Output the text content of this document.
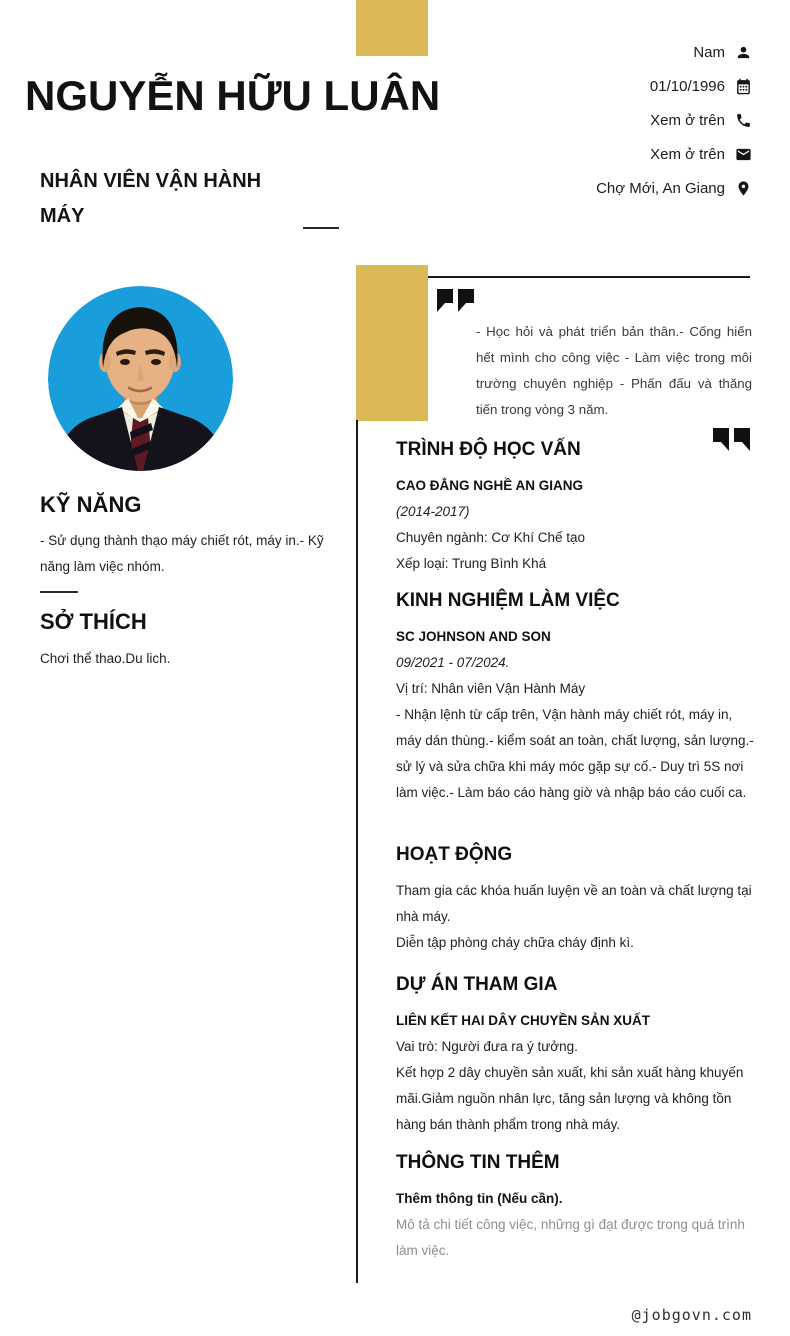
NGUYỄN HỮU LUÂN
NHÂN VIÊN VẬN HÀNH MÁY
Nam
01/10/1996
Xem ở trên
Xem ở trên
Chợ Mới, An Giang
KỸ NĂNG
- Sử dụng thành thạo máy chiết rót, máy in.- Kỹ năng làm việc nhóm.
SỞ THÍCH
Chơi thể thao.Du lich.
- Học hỏi và phát triển bản thân.- Cống hiến hết mình cho công việc - Làm việc trong môi trường chuyên nghiệp - Phấn đấu và thăng tiến trong vòng 3 năm.
TRÌNH ĐỘ HỌC VẤN
CAO ĐẲNG NGHỀ AN GIANG
(2014-2017)
Chuyên ngành: Cơ Khí Chế tạo
Xếp loại: Trung Bình Khá
KINH NGHIỆM LÀM VIỆC
SC JOHNSON AND SON
09/2021 - 07/2024.
Vị trí: Nhân viên Vận Hành Máy
- Nhận lệnh từ cấp trên, Vận hành máy chiết rót, máy in, máy dán thùng.- kiểm soát an toàn, chất lượng, sản lượng.- sử lý và sửa chữa khi máy móc gặp sự cố.- Duy trì 5S nơi làm việc.- Làm báo cáo hàng giờ và nhập báo cáo cuối ca.
HOẠT ĐỘNG
Tham gia các khóa huấn luyện về an toàn và chất lượng tại nhà máy.
Diễn tập phòng cháy chữa cháy định kì.
DỰ ÁN THAM GIA
LIÊN KẾT HAI DÂY CHUYỀN SẢN XUẤT
Vai trò: Người đưa ra ý tưởng.
Kết hợp 2 dây chuyền sản xuất, khi sản xuất hàng khuyến mãi.Giảm nguồn nhân lực, tăng sản lượng và không tồn hàng bán thành phẩm trong nhà máy.
THÔNG TIN THÊM
Thêm thông tin (Nếu cần).
Mô tả chi tiết công việc, những gì đạt được trong quá trình làm việc.
@jobgovn.com
